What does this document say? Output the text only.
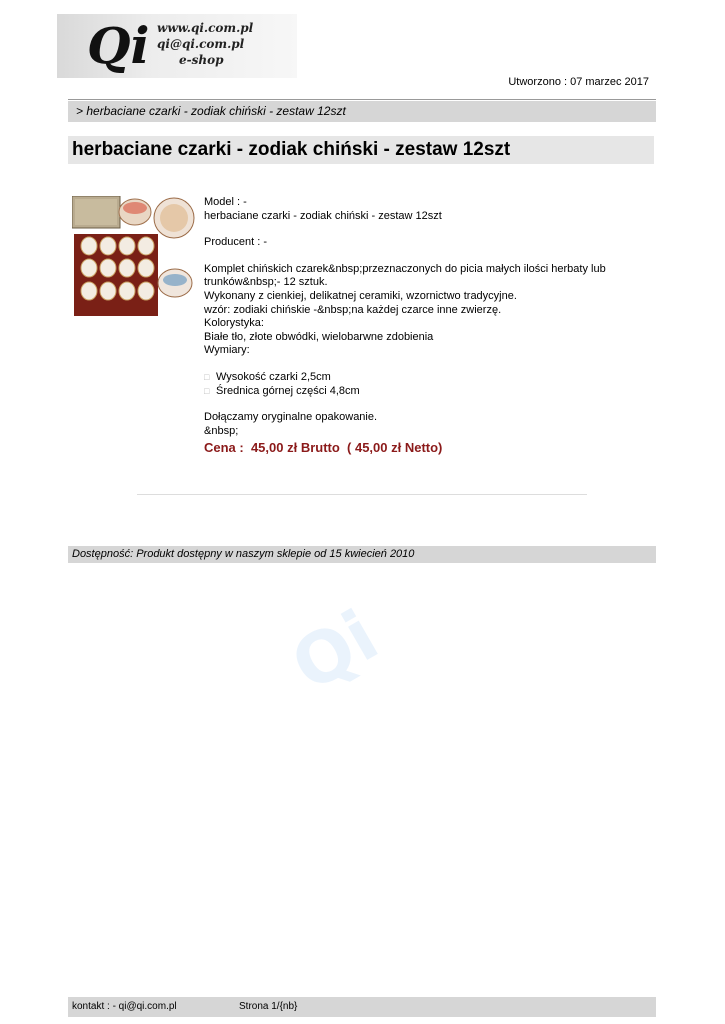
Qi www.qi.com.pl
qi@qi.com.pl
e-shop
Utworzono : 07 marzec 2017
> herbaciane czarki - zodiak chiński - zestaw 12szt
herbaciane czarki - zodiak chiński - zestaw 12szt

Model : -

herbaciane czarki - zodiak chiński - zestaw 12szt

Producent : -

Komplet chińskich czarek&nbsp;przeznaczonych do picia małych ilości herbaty lub trunków&nbsp;- 12 sztuk.

Wykonany z cienkiej, delikatnej ceramiki, wzornictwo tradycyjne.

wzór: zodiaki chińskie -&nbsp;na każdej czarce inne zwierzę.

Kolorystyka:

Białe tło, złote obwódki, wielobarwne zdobienia

Wymiary:

□ Wysokość czarki 2,5cm
□ Średnica górnej części 4,8cm

Dołączamy oryginalne opakowanie.

&nbsp;

Cena :  45,00 zł Brutto  ( 45,00 zł Netto)
Dostępność: Produkt dostępny w naszym sklepie od 15 kwiecień 2010
Qi
kontakt : - qi@qi.com.pl	Strona 1/{nb}
